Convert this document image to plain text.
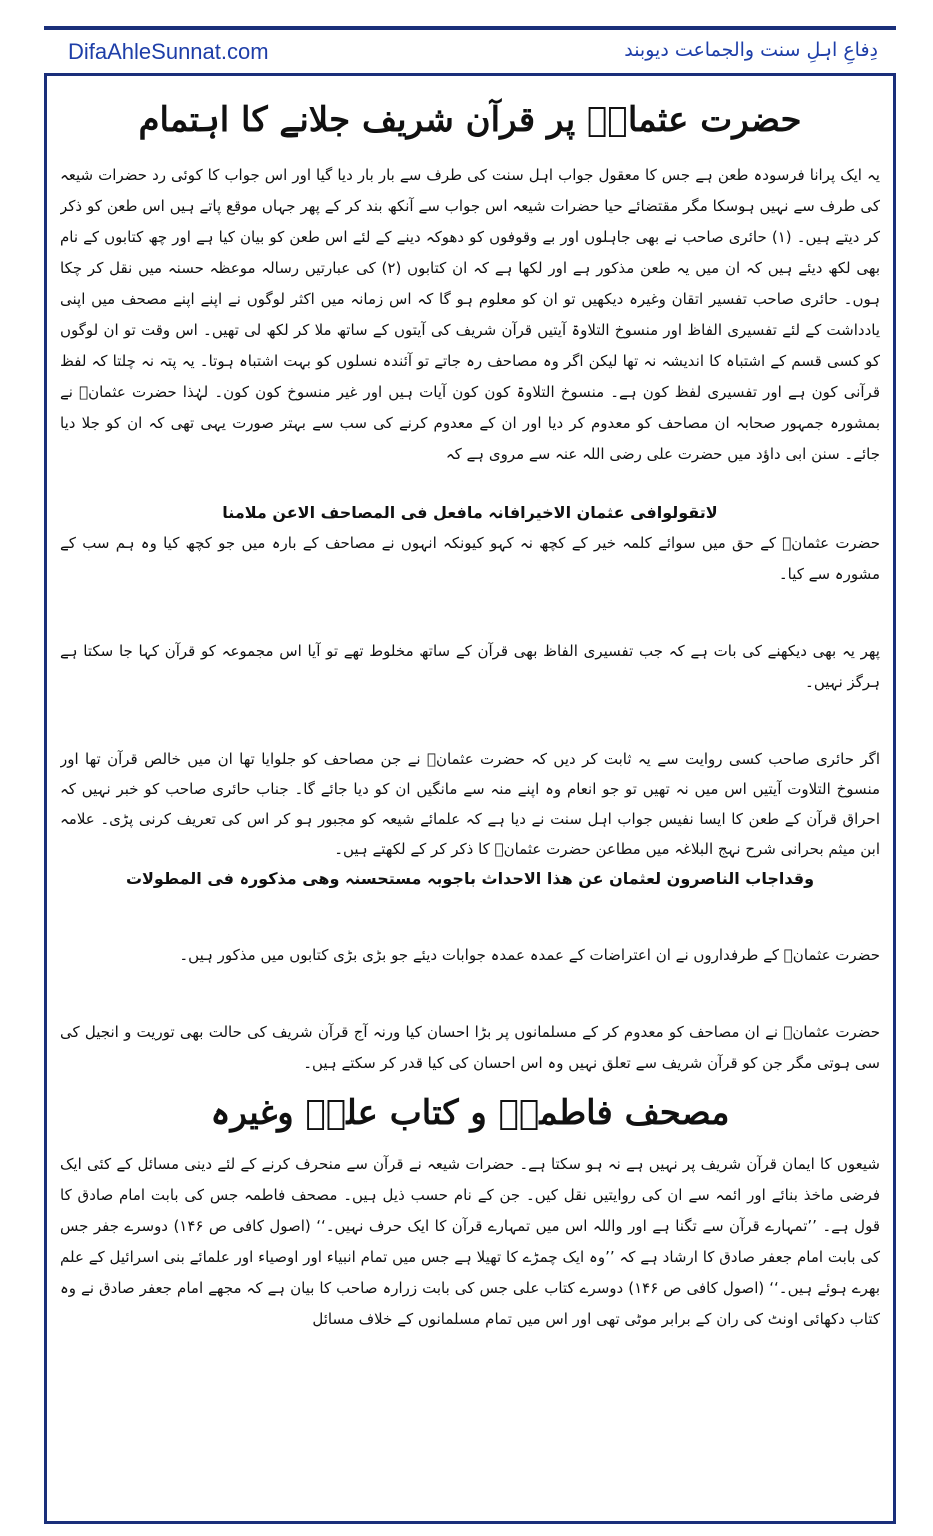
DifaAhleSunnat.com	دِفاعِ اہلِ سنت والجماعت دیوبند
حضرت عثمانؓ پر قرآن شریف جلانے کا اہتمام

یہ ایک پرانا فرسودہ طعن ہے جس کا معقول جواب اہل سنت کی طرف سے بار بار دیا گیا اور اس جواب کا کوئی رد حضرات شیعہ کی طرف سے نہیں ہوسکا مگر مقتضائے حیا حضرات شیعہ اس جواب سے آنکھ بند کر کے پھر جہاں موقع پاتے ہیں اس طعن کو ذکر کر دیتے ہیں۔ (۱) حائری صاحب نے بھی جاہلوں اور بے وقوفوں کو دھوکہ دینے کے لئے اس طعن کو بیان کیا ہے اور چھ کتابوں کے نام بھی لکھ دیئے ہیں کہ ان میں یہ طعن مذکور ہے اور لکھا ہے کہ ان کتابوں (۲) کی عبارتیں رسالہ موعظہ حسنہ میں نقل کر چکا ہوں۔ حائری صاحب تفسیر اتقان وغیرہ دیکھیں تو ان کو معلوم ہو گا کہ اس زمانہ میں اکثر لوگوں نے اپنے اپنے مصحف میں اپنی یادداشت کے لئے تفسیری الفاظ اور منسوخ التلاوۃ آیتیں قرآن شریف کی آیتوں کے ساتھ ملا کر لکھ لی تھیں۔ اس وقت تو ان لوگوں کو کسی قسم کے اشتباہ کا اندیشہ نہ تھا لیکن اگر وہ مصاحف رہ جاتے تو آئندہ نسلوں کو بہت اشتباہ ہوتا۔ یہ پتہ نہ چلتا کہ لفظ قرآنی کون ہے اور تفسیری لفظ کون ہے۔ منسوخ التلاوۃ کون کون آیات ہیں اور غیر منسوخ کون کون۔ لہٰذا حضرت عثمانؓ نے بمشورہ جمہور صحابہ ان مصاحف کو معدوم کر دیا اور ان کے معدوم کرنے کی سب سے بہتر صورت یہی تھی کہ ان کو جلا دیا جائے۔ سنن ابی داؤد میں حضرت علی رضی اللہ عنہ سے مروی ہے کہ

لاتقولوافی عثمان الاخیرافانہ مافعل فی المصاحف الاعن ملامنا

حضرت عثمانؓ کے حق میں سوائے کلمہ خیر کے کچھ نہ کہو کیونکہ انہوں نے مصاحف کے بارہ میں جو کچھ کیا وہ ہم سب کے مشورہ سے کیا۔

پھر یہ بھی دیکھنے کی بات ہے کہ جب تفسیری الفاظ بھی قرآن کے ساتھ مخلوط تھے تو آیا اس مجموعہ کو قرآن کہا جا سکتا ہے ہرگز نہیں۔

اگر حائری صاحب کسی روایت سے یہ ثابت کر دیں کہ حضرت عثمانؓ نے جن مصاحف کو جلوایا تھا ان میں خالص قرآن تھا اور منسوخ التلاوت آیتیں اس میں نہ تھیں تو جو انعام وہ اپنے منہ سے مانگیں ان کو دیا جائے گا۔ جناب حائری صاحب کو خبر نہیں کہ احراق قرآن کے طعن کا ایسا نفیس جواب اہل سنت نے دیا ہے کہ علمائے شیعہ کو مجبور ہو کر اس کی تعریف کرنی پڑی۔ علامہ ابن میثم بحرانی شرح نہج البلاغہ میں مطاعن حضرت عثمانؓ کا ذکر کر کے لکھتے ہیں۔

وقداجاب الناصرون لعثمان عن ھذا الاحداث باجوبہ مستحسنہ وھی مذکورہ فی المطولات

حضرت عثمانؓ کے طرفداروں نے ان اعتراضات کے عمدہ عمدہ جوابات دیئے جو بڑی بڑی کتابوں میں مذکور ہیں۔

حضرت عثمانؓ نے ان مصاحف کو معدوم کر کے مسلمانوں پر بڑا احسان کیا ورنہ آج قرآن شریف کی حالت بھی توریت و انجیل کی سی ہوتی مگر جن کو قرآن شریف سے تعلق نہیں وہ اس احسان کی کیا قدر کر سکتے ہیں۔

مصحف فاطمہؓ و کتاب علیؓ وغیرہ

شیعوں کا ایمان قرآن شریف پر نہیں ہے نہ ہو سکتا ہے۔ حضرات شیعہ نے قرآن سے منحرف کرنے کے لئے دینی مسائل کے کئی ایک فرضی ماخذ بنائے اور ائمہ سے ان کی روایتیں نقل کیں۔ جن کے نام حسب ذیل ہیں۔ مصحف فاطمہ جس کی بابت امام صادق کا قول ہے۔ ’’تمہارے قرآن سے تگنا ہے اور واللہ اس میں تمہارے قرآن کا ایک حرف نہیں۔‘‘ (اصول کافی ص ۱۴۶) دوسرے جفر جس کی بابت امام جعفر صادق کا ارشاد ہے کہ ’’وہ ایک چمڑے کا تھیلا ہے جس میں تمام انبیاء اور اوصیاء اور علمائے بنی اسرائیل کے علم بھرے ہوئے ہیں۔‘‘ (اصول کافی ص ۱۴۶) دوسرے کتاب علی جس کی بابت زرارہ صاحب کا بیان ہے کہ مجھے امام جعفر صادق نے وہ کتاب دکھائی اونٹ کی ران کے برابر موٹی تھی اور اس میں تمام مسلمانوں کے خلاف مسائل
